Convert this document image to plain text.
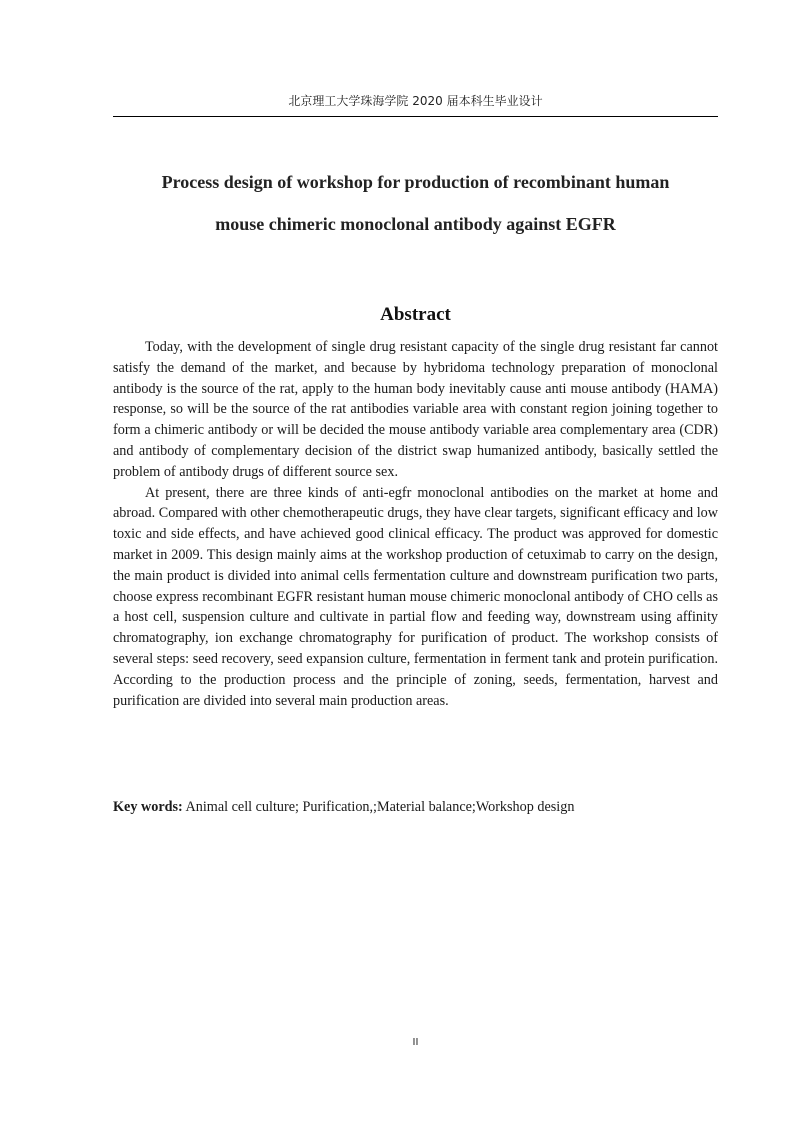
北京理工大学珠海学院 2020 届本科生毕业设计
Process design of workshop for production of recombinant human
mouse chimeric monoclonal antibody against EGFR
Abstract

Today, with the development of single drug resistant capacity of the single drug resistant far cannot satisfy the demand of the market, and because by hybridoma technology preparation of monoclonal antibody is the source of the rat, apply to the human body inevitably cause anti mouse antibody (HAMA) response, so will be the source of the rat antibodies variable area with constant region joining together to form a chimeric antibody or will be decided the mouse antibody variable area complementary area (CDR) and antibody of complementary decision of the district swap humanized antibody, basically settled the problem of antibody drugs of different source sex.

At present, there are three kinds of anti-egfr monoclonal antibodies on the market at home and abroad. Compared with other chemotherapeutic drugs, they have clear targets, significant efficacy and low toxic and side effects, and have achieved good clinical efficacy. The product was approved for domestic market in 2009. This design mainly aims at the workshop production of cetuximab to carry on the design, the main product is divided into animal cells fermentation culture and downstream purification two parts, choose express recombinant EGFR resistant human mouse chimeric monoclonal antibody of CHO cells as a host cell, suspension culture and cultivate in partial flow and feeding way, downstream using affinity chromatography, ion exchange chromatography for purification of product. The workshop consists of several steps: seed recovery, seed expansion culture, fermentation in ferment tank and protein purification. According to the production process and the principle of zoning, seeds, fermentation, harvest and purification are divided into several main production areas.

Key words: Animal cell culture; Purification,;Material balance;Workshop design
II
